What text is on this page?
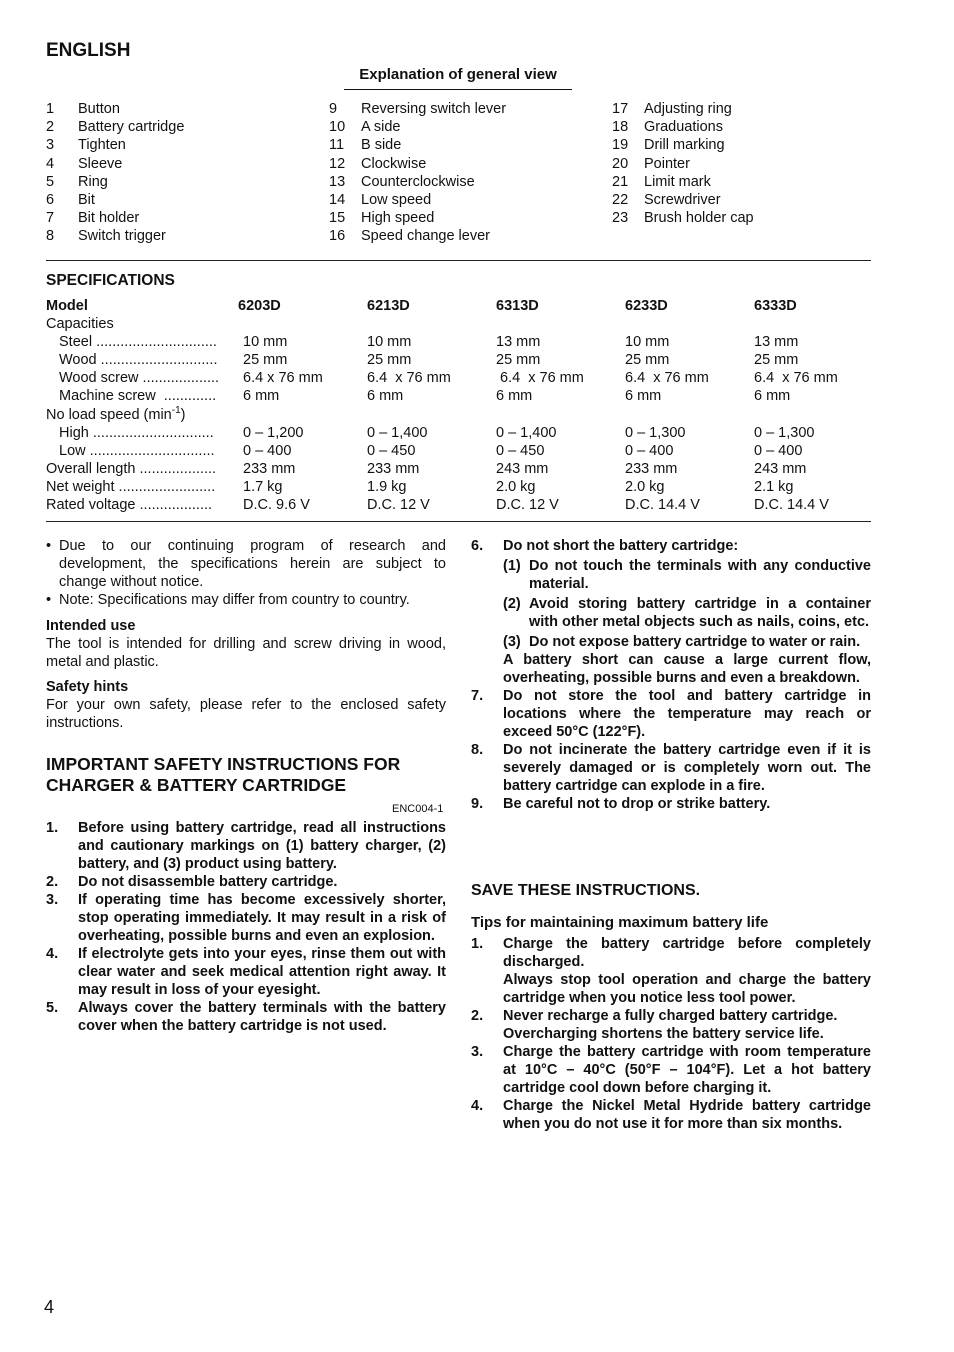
ENGLISH
Explanation of general view
1 Button
2 Battery cartridge
3 Tighten
4 Sleeve
5 Ring
6 Bit
7 Bit holder
8 Switch trigger
9 Reversing switch lever
10 A side
11 B side
12 Clockwise
13 Counterclockwise
14 Low speed
15 High speed
16 Speed change lever
17 Adjusting ring
18 Graduations
19 Drill marking
20 Pointer
21 Limit mark
22 Screwdriver
23 Brush holder cap
SPECIFICATIONS
Model	6203D	6213D	6313D	6233D	6333D
Capacities
Steel .............................. 10 mm	10 mm	13 mm	10 mm	13 mm
Wood ............................. 25 mm	25 mm	25 mm	25 mm	25 mm
Wood screw ................... 6.4 x 76 mm	6.4  x 76 mm	6.4  x 76 mm	6.4  x 76 mm	6.4  x 76 mm
Machine screw  ............. 6 mm	6 mm	6 mm	6 mm	6 mm
No load speed $(\min^{-1})$
High .............................. 0 – 1,200	0 – 1,400	0 – 1,400	0 – 1,300	0 – 1,300
Low ............................... 0 – 400	0 – 450	0 – 450	0 – 400	0 – 400
Overall length ................... 233 mm	233 mm	243 mm	233 mm	243 mm
Net weight ........................ 1.7 kg	1.9 kg	2.0 kg	2.0 kg	2.1 kg
Rated voltage .................. D.C. 9.6 V	D.C. 12 V	D.C. 12 V	D.C. 14.4 V	D.C. 14.4 V
• Due to our continuing program of research and development, the specifications herein are subject to change without notice.
• Note: Specifications may differ from country to country.
Intended use
The tool is intended for drilling and screw driving in wood, metal and plastic.
Safety hints
For your own safety, please refer to the enclosed safety instructions.
IMPORTANT SAFETY INSTRUCTIONS FOR CHARGER & BATTERY CARTRIDGE
ENC004-1
1. Before using battery cartridge, read all instructions and cautionary markings on (1) battery charger, (2) battery, and (3) product using battery.
2. Do not disassemble battery cartridge.
3. If operating time has become excessively shorter, stop operating immediately. It may result in a risk of overheating, possible burns and even an explosion.
4. If electrolyte gets into your eyes, rinse them out with clear water and seek medical attention right away. It may result in loss of your eyesight.
5. Always cover the battery terminals with the battery cover when the battery cartridge is not used.
6. Do not short the battery cartridge:
(1) Do not touch the terminals with any conductive material.
(2) Avoid storing battery cartridge in a container with other metal objects such as nails, coins, etc.
(3) Do not expose battery cartridge to water or rain.
A battery short can cause a large current flow, overheating, possible burns and even a breakdown.
7. Do not store the tool and battery cartridge in locations where the temperature may reach or exceed 50°C (122°F).
8. Do not incinerate the battery cartridge even if it is severely damaged or is completely worn out. The battery cartridge can explode in a fire.
9. Be careful not to drop or strike battery.
SAVE THESE INSTRUCTIONS.
Tips for maintaining maximum battery life
1. Charge the battery cartridge before completely discharged.
Always stop tool operation and charge the battery cartridge when you notice less tool power.
2. Never recharge a fully charged battery cartridge.
Overcharging shortens the battery service life.
3. Charge the battery cartridge with room temperature at 10°C – 40°C (50°F – 104°F). Let a hot battery cartridge cool down before charging it.
4. Charge the Nickel Metal Hydride battery cartridge when you do not use it for more than six months.
4
